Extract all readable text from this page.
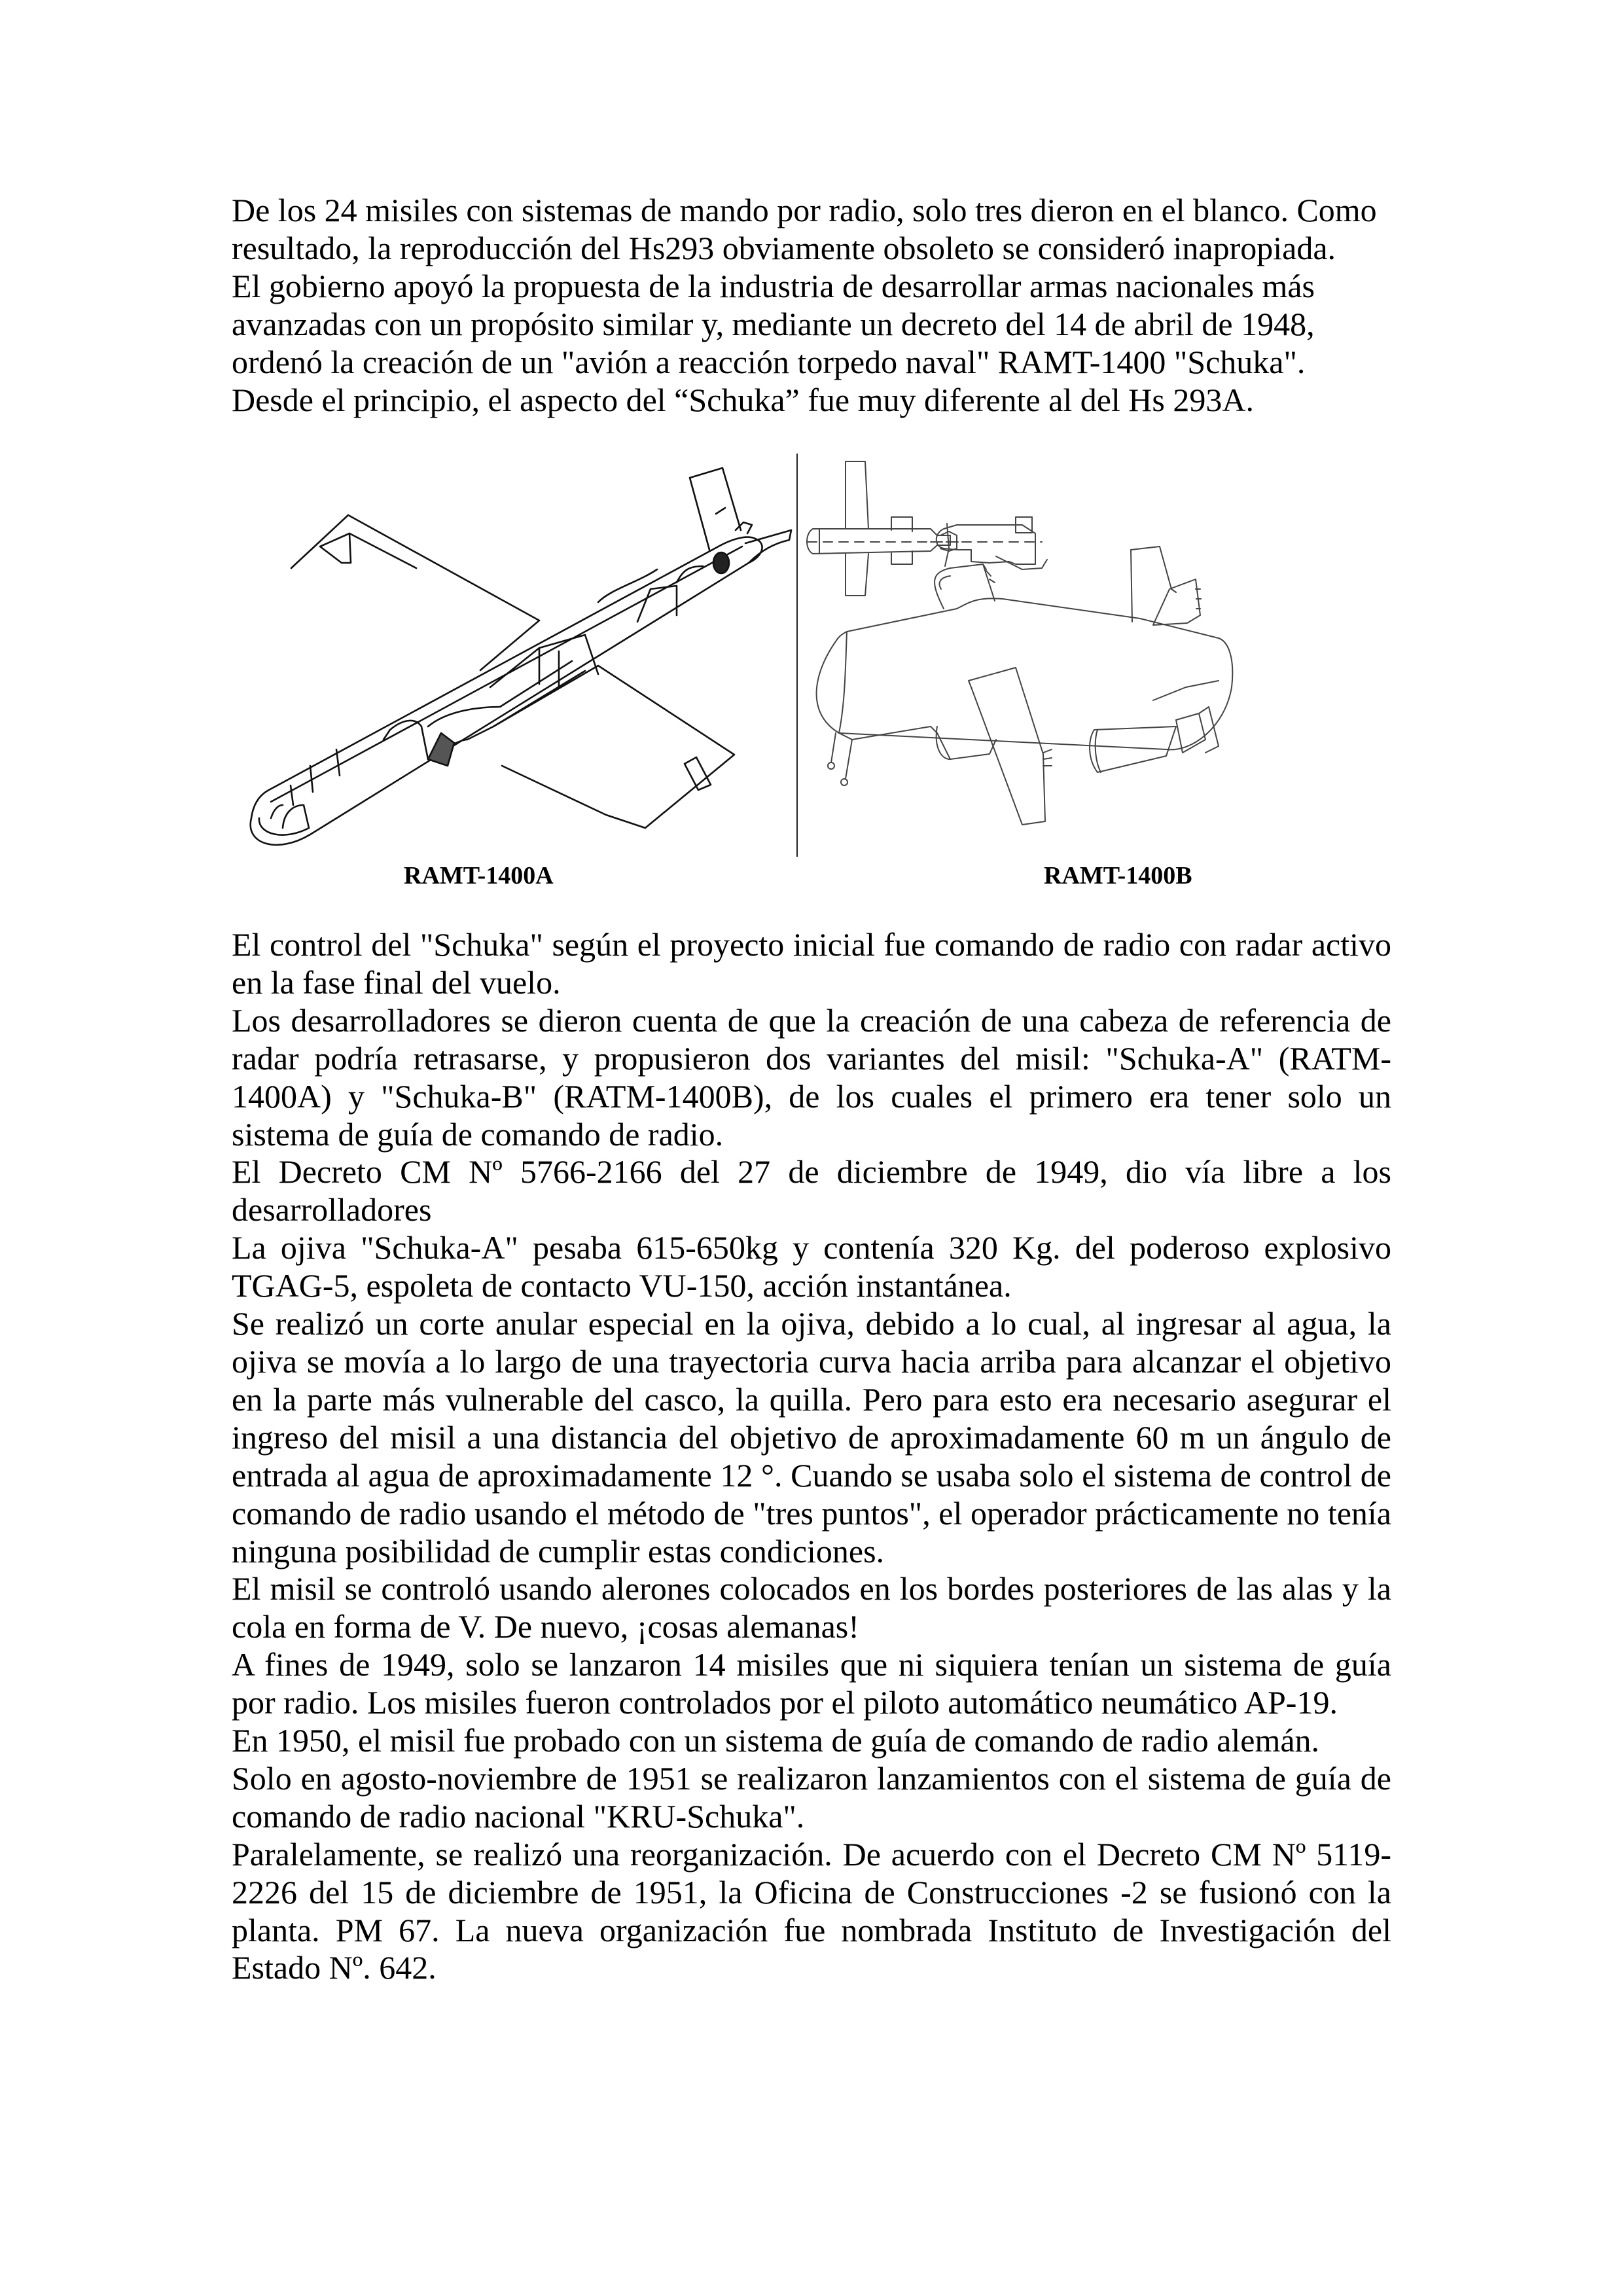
De los 24 misiles con sistemas de mando por radio, solo tres dieron en el blanco. Como resultado, la reproducción del Hs293 obviamente obsoleto se consideró inapropiada.

El gobierno apoyó la propuesta de la industria de desarrollar armas nacionales más avanzadas con un propósito similar y, mediante un decreto del 14 de abril de 1948, ordenó la creación de un "avión a reacción torpedo naval" RAMT-1400 "Schuka".

Desde el principio, el aspecto del “Schuka” fue muy diferente al del Hs 293A.

RAMT-1400A	RAMT-1400B

El control del "Schuka" según el proyecto inicial fue comando de radio con radar activo en la fase final del vuelo.

Los desarrolladores se dieron cuenta de que la creación de una cabeza de referencia de radar podría retrasarse, y propusieron dos variantes del misil: "Schuka-A" (RATM-1400A) y "Schuka-B" (RATM-1400B), de los cuales el primero era tener solo un sistema de guía de comando de radio.

El Decreto CM Nº 5766-2166 del 27 de diciembre de 1949, dio vía libre a los desarrolladores

La ojiva "Schuka-A" pesaba 615-650kg y contenía 320 Kg. del poderoso explosivo TGAG-5, espoleta de contacto VU-150, acción instantánea.

Se realizó un corte anular especial en la ojiva, debido a lo cual, al ingresar al agua, la ojiva se movía a lo largo de una trayectoria curva hacia arriba para alcanzar el objetivo en la parte más vulnerable del casco, la quilla. Pero para esto era necesario asegurar el ingreso del misil a una distancia del objetivo de aproximadamente 60 m un ángulo de entrada al agua de aproximadamente 12 °. Cuando se usaba solo el sistema de control de comando de radio usando el método de "tres puntos", el operador prácticamente no tenía ninguna posibilidad de cumplir estas condiciones.

El misil se controló usando alerones colocados en los bordes posteriores de las alas y la cola en forma de V. De nuevo, ¡cosas alemanas!

A fines de 1949, solo se lanzaron 14 misiles que ni siquiera tenían un sistema de guía por radio. Los misiles fueron controlados por el piloto automático neumático AP-19.

En 1950, el misil fue probado con un sistema de guía de comando de radio alemán.

Solo en agosto-noviembre de 1951 se realizaron lanzamientos con el sistema de guía de comando de radio nacional "KRU-Schuka".

Paralelamente, se realizó una reorganización. De acuerdo con el Decreto CM Nº 5119-2226 del 15 de diciembre de 1951, la Oficina de Construcciones -2 se fusionó con la planta. PM 67. La nueva organización fue nombrada Instituto de Investigación del Estado Nº. 642.
